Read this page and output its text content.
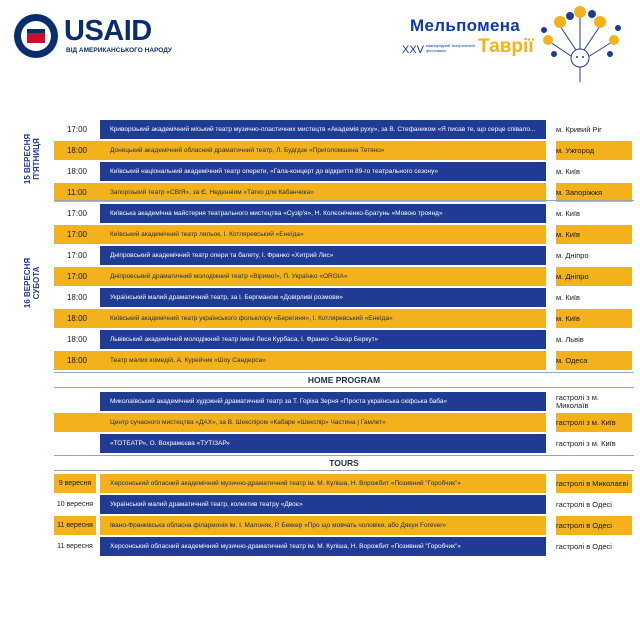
USAID
ВІД АМЕРИКАНСЬКОГО НАРОДУ
Мельпомена
XXV міжнародний театральний фестиваль	Таврії
15 ВЕРЕСНЯ
П'ЯТНИЦЯ
16 ВЕРЕСНЯ
СУБОТА
17:00	Криворізький академічний міський театр музично-пластичних мистецтв «Академія руху», за В. Стефаником «Я писав те, що серце співало...	м. Кривий Ріг
18:00	Донецький академічний обласний драматичний театр, Л. Будгдзе «Приголомшена Тетяно»	м. Ужгород
18:00	Київський національний академічний театр оперети, «Гала-концерт до відкриття 89-го театрального сезону»	м. Київ
11:00	Запорізький театр «СВІЯ», за Є. Нeдєнніим «Татко для Кабанчика»	м. Запоріжжя
17:00	Київська академічна майстерня театрального мистецтва «Сузір'я», Н. Колєсніченко-Братунь «Мовою троянд»	м. Київ
17:00	Київський академічний театр ляльок, І. Котляревський «Енеїда»	м. Київ
17:00	Дніпровський академічний театр опери та балету, І. Франко «Хитрий Лис»	м. Дніпро
17:00	Дніпровський драматичний молодіжний театр «Віримо!», П. Українко «ORGIA»	м. Дніпро
18:00	Український малий драматичний театр, за І. Бергманом «Довірливі розмови»	м. Київ
18:00	Київський академічний театр українського фольклору «Берегиня», І. Котляревський «Енеїда»	м. Київ
18:00	Львівський академічний молодіжний театр імені Леся Курбаса, І. Франко «Захар Беркут»	м. Львів
18:00	Театр малих комедій, А. Курейчик «Шоу Сандерса»	м. Одеса
HOME PROGRAM
Миколаївський академічний художній драматичний театр за Т. Горіха Зерня «Проста українська скіфська баба»	гастролі з м. Миколаїв
Центр сучасного мистецтва «ДАХ», за В. Шекспіром «Кабаре «Шекспір» Частина | Гамлет»	гастролі з м. Київ
«ТОТЕАТР», О. Вохрамєєва «ТУТІЗАР»	гастролі з м. Київ
TOURS
9 вересня	Херсонський обласний академічний музично-драматичний театр ім. М. Куліша, Н. Ворожбит «Позивний "Горобчик"»	гастролі в Миколаєві
10 вересня	Український малий драматичний театр, колектив театру «Двоє»	гастролі в Одесі
11 вересня	Івано-Франківська обласна філармонія ім. І. Малоняк, Р. Беккер «Про що мовчать чоловіки, або Дякуи Forever»	гастролі в Одесі
11 вересня	Херсонський обласний академічний музично-драматичний театр ім. М. Куліша, Н. Ворожбит «Позивний "Горобчик"»	гастролі в Одесі
